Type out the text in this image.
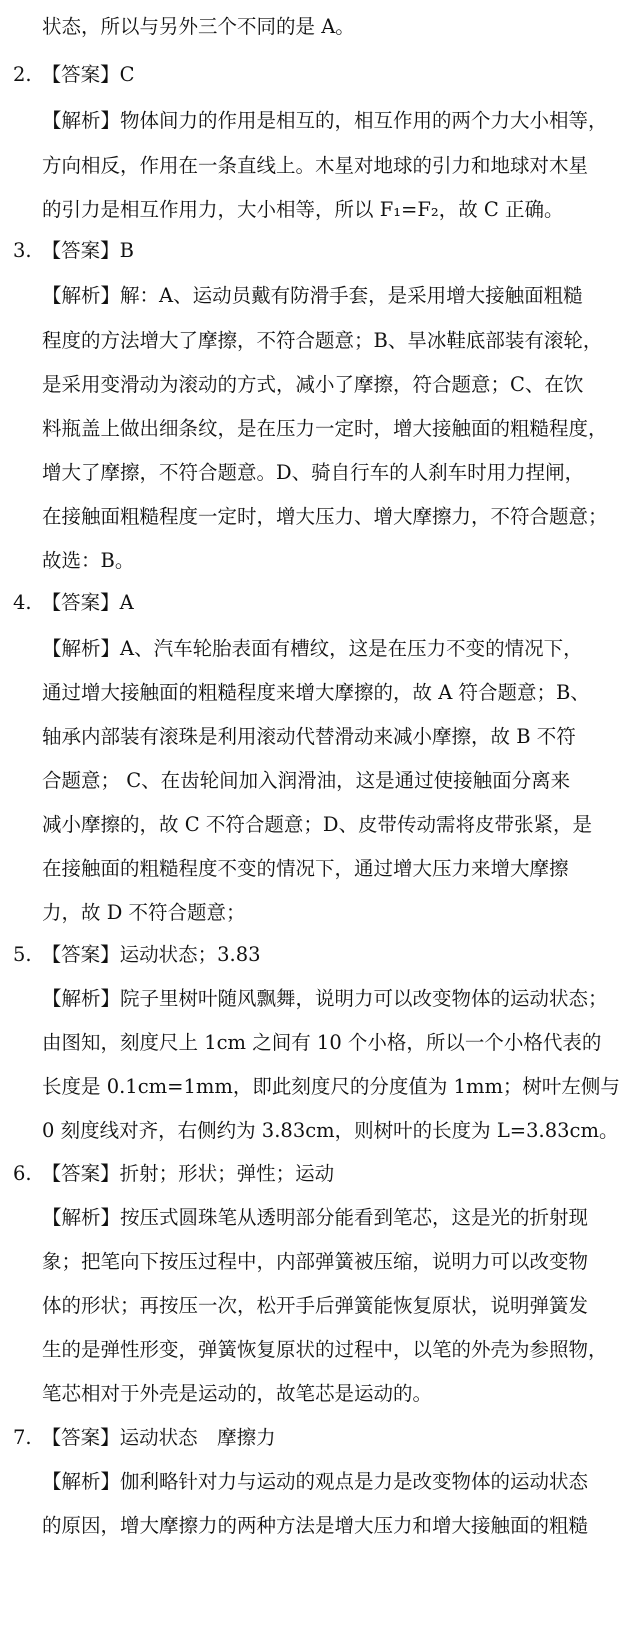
状态，所以与另外三个不同的是 A。
2. 【答案】C
【解析】物体间力的作用是相互的，相互作用的两个力大小相等，
方向相反，作用在一条直线上。木星对地球的引力和地球对木星
的引力是相互作用力，大小相等，所以 F₁=F₂，故 C 正确。
3. 【答案】B
【解析】解：A、运动员戴有防滑手套，是采用增大接触面粗糙
程度的方法增大了摩擦，不符合题意；B、旱冰鞋底部装有滚轮，
是采用变滑动为滚动的方式，减小了摩擦，符合题意；C、在饮
料瓶盖上做出细条纹，是在压力一定时，增大接触面的粗糙程度，
增大了摩擦，不符合题意。D、骑自行车的人刹车时用力捏闸，
在接触面粗糙程度一定时，增大压力、增大摩擦力，不符合题意；
故选：B。
4. 【答案】A
【解析】A、汽车轮胎表面有槽纹，这是在压力不变的情况下，
通过增大接触面的粗糙程度来增大摩擦的，故 A 符合题意；B、
轴承内部装有滚珠是利用滚动代替滑动来减小摩擦，故 B 不符
合题意； C、在齿轮间加入润滑油，这是通过使接触面分离来
减小摩擦的，故 C 不符合题意；D、皮带传动需将皮带张紧，是
在接触面的粗糙程度不变的情况下，通过增大压力来增大摩擦
力，故 D 不符合题意；
5. 【答案】运动状态；3.83
【解析】院子里树叶随风飘舞，说明力可以改变物体的运动状态；
由图知，刻度尺上 1cm 之间有 10 个小格，所以一个小格代表的
长度是 0.1cm=1mm，即此刻度尺的分度值为 1mm；树叶左侧与
0 刻度线对齐，右侧约为 3.83cm，则树叶的长度为 L=3.83cm。
6. 【答案】折射；形状；弹性；运动
【解析】按压式圆珠笔从透明部分能看到笔芯，这是光的折射现
象；把笔向下按压过程中，内部弹簧被压缩，说明力可以改变物
体的形状；再按压一次，松开手后弹簧能恢复原状，说明弹簧发
生的是弹性形变，弹簧恢复原状的过程中，以笔的外壳为参照物，
笔芯相对于外壳是运动的，故笔芯是运动的。
7. 【答案】运动状态　摩擦力
【解析】伽利略针对力与运动的观点是力是改变物体的运动状态
的原因，增大摩擦力的两种方法是增大压力和增大接触面的粗糙
